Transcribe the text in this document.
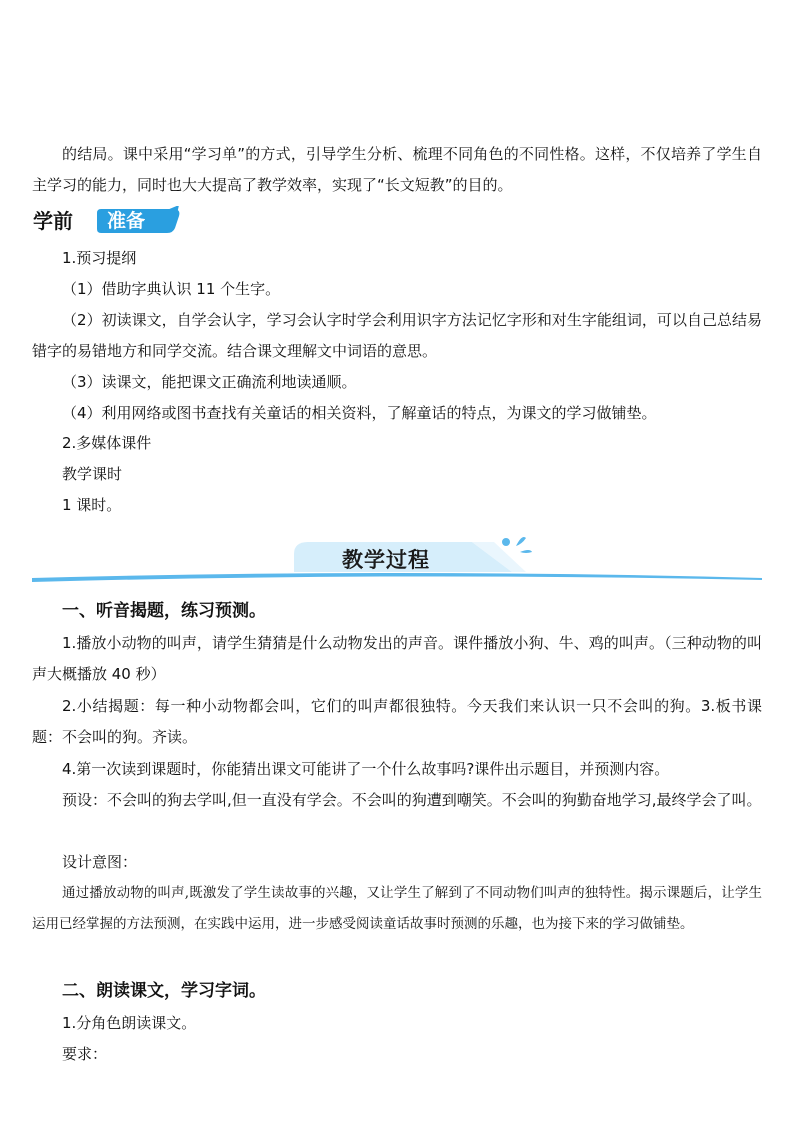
的结局。课中采用“学习单”的方式，引导学生分析、梳理不同角色的不同性格。这样，不仅培养了学生自主学习的能力，同时也大大提高了教学效率，实现了“长文短教”的目的。

学前 准备
1.预习提纲
（1）借助字典认识 11 个生字。

（2）初读课文，自学会认字，学习会认字时学会利用识字方法记忆字形和对生字能组词，可以自己总结易错字的易错地方和同学交流。结合课文理解文中词语的意思。

（3）读课文，能把课文正确流利地读通顺。
（4）利用网络或图书查找有关童话的相关资料，了解童话的特点，为课文的学习做铺垫。
2.多媒体课件
教学课时
1 课时。
教学过程
一、听音揭题，练习预测。

1.播放小动物的叫声，请学生猜猜是什么动物发出的声音。课件播放小狗、牛、鸡的叫声。（三种动物的叫声大概播放 40 秒）

2.小结揭题：每一种小动物都会叫，它们的叫声都很独特。今天我们来认识一只不会叫的狗。3.板书课题：不会叫的狗。齐读。

4.第一次读到课题时，你能猜出课文可能讲了一个什么故事吗?课件出示题目，并预测内容。

预设：不会叫的狗去学叫,但一直没有学会。不会叫的狗遭到嘲笑。不会叫的狗勤奋地学习,最终学会了叫。

设计意图：

通过播放动物的叫声,既激发了学生读故事的兴趣，又让学生了解到了不同动物们叫声的独特性。揭示课题后，让学生运用已经掌握的方法预测，在实践中运用，进一步感受阅读童话故事时预测的乐趣，也为接下来的学习做铺垫。

二、朗读课文，学习字词。
1.分角色朗读课文。
要求：
